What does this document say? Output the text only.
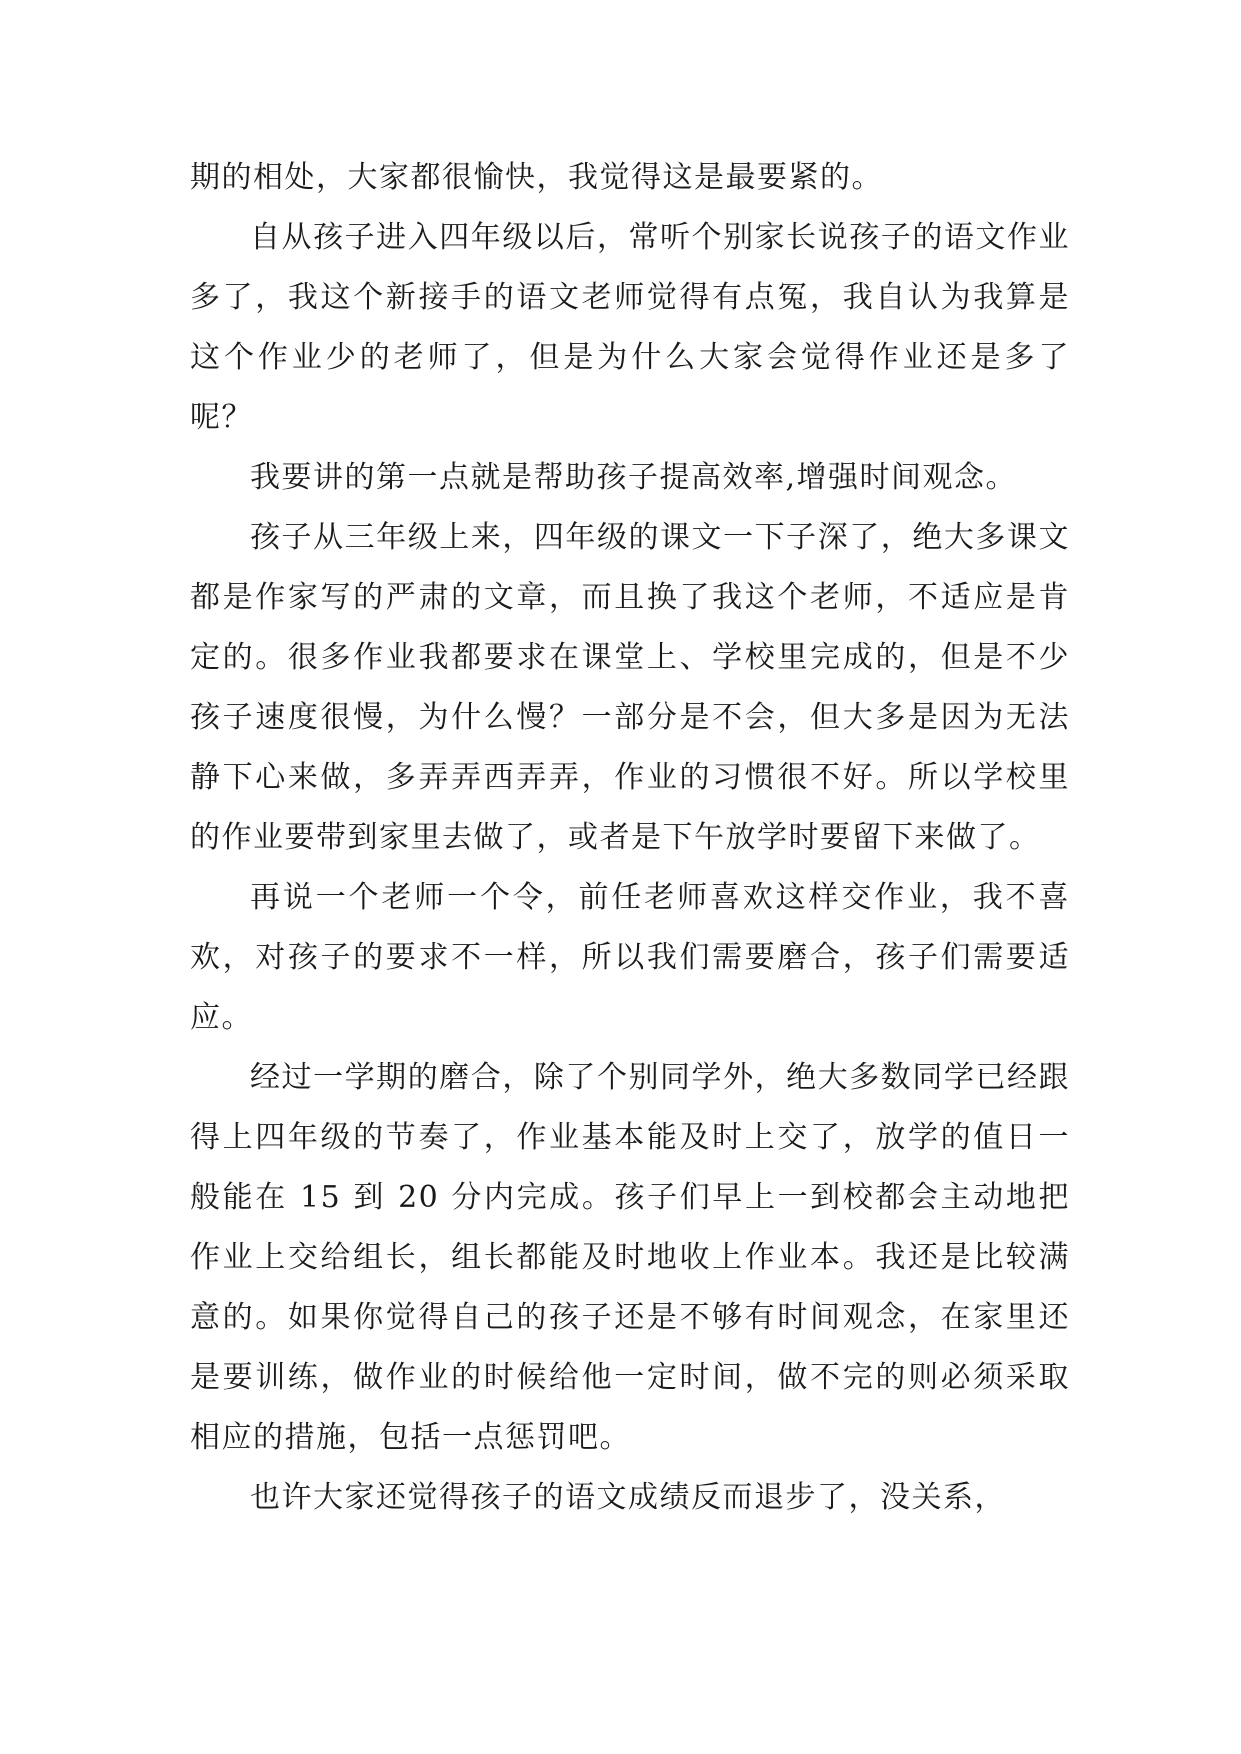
期的相处，大家都很愉快，我觉得这是最要紧的。

自从孩子进入四年级以后，常听个别家长说孩子的语文作业多了，我这个新接手的语文老师觉得有点冤，我自认为我算是这个作业少的老师了，但是为什么大家会觉得作业还是多了呢？

我要讲的第一点就是帮助孩子提高效率,增强时间观念。

孩子从三年级上来，四年级的课文一下子深了，绝大多课文都是作家写的严肃的文章，而且换了我这个老师，不适应是肯定的。很多作业我都要求在课堂上、学校里完成的，但是不少孩子速度很慢，为什么慢？一部分是不会，但大多是因为无法静下心来做，多弄弄西弄弄，作业的习惯很不好。所以学校里的作业要带到家里去做了，或者是下午放学时要留下来做了。

再说一个老师一个令，前任老师喜欢这样交作业，我不喜欢，对孩子的要求不一样，所以我们需要磨合，孩子们需要适应。

经过一学期的磨合，除了个别同学外，绝大多数同学已经跟得上四年级的节奏了，作业基本能及时上交了，放学的值日一般能在 15 到 20 分内完成。孩子们早上一到校都会主动地把作业上交给组长，组长都能及时地收上作业本。我还是比较满意的。如果你觉得自己的孩子还是不够有时间观念，在家里还是要训练，做作业的时候给他一定时间，做不完的则必须采取相应的措施，包括一点惩罚吧。

也许大家还觉得孩子的语文成绩反而退步了，没关系，
